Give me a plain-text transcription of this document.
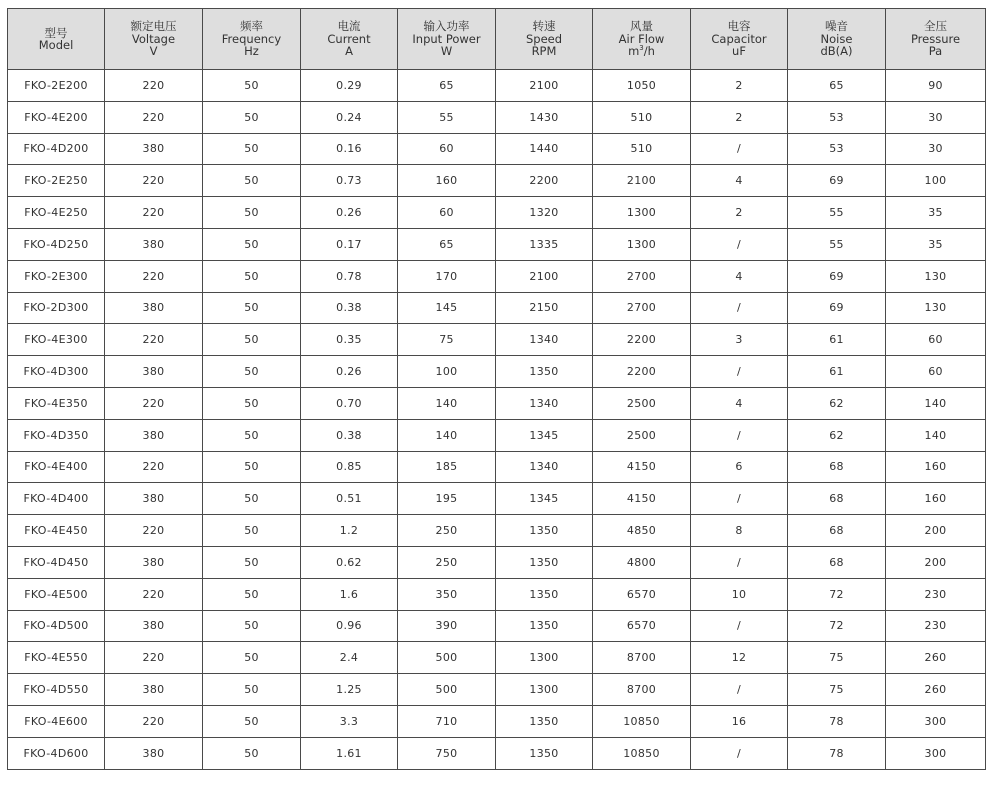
型号
Model	额定电压
Voltage
V	频率
Frequency
Hz	电流
Current
A	输入功率
Input Power
W	转速
Speed
RPM	风量
Air Flow
$m^3/h$	电容
Capacitor
uF	噪音
Noise
dB(A)	全压
Pressure
Pa

FKO-2E200	220	50	0.29	65	2100	1050	2	65	90
FKO-4E200	220	50	0.24	55	1430	510	2	53	30
FKO-4D200	380	50	0.16	60	1440	510	/	53	30
FKO-2E250	220	50	0.73	160	2200	2100	4	69	100
FKO-4E250	220	50	0.26	60	1320	1300	2	55	35
FKO-4D250	380	50	0.17	65	1335	1300	/	55	35
FKO-2E300	220	50	0.78	170	2100	2700	4	69	130
FKO-2D300	380	50	0.38	145	2150	2700	/	69	130
FKO-4E300	220	50	0.35	75	1340	2200	3	61	60
FKO-4D300	380	50	0.26	100	1350	2200	/	61	60
FKO-4E350	220	50	0.70	140	1340	2500	4	62	140
FKO-4D350	380	50	0.38	140	1345	2500	/	62	140
FKO-4E400	220	50	0.85	185	1340	4150	6	68	160
FKO-4D400	380	50	0.51	195	1345	4150	/	68	160
FKO-4E450	220	50	1.2	250	1350	4850	8	68	200
FKO-4D450	380	50	0.62	250	1350	4800	/	68	200
FKO-4E500	220	50	1.6	350	1350	6570	10	72	230
FKO-4D500	380	50	0.96	390	1350	6570	/	72	230
FKO-4E550	220	50	2.4	500	1300	8700	12	75	260
FKO-4D550	380	50	1.25	500	1300	8700	/	75	260
FKO-4E600	220	50	3.3	710	1350	10850	16	78	300
FKO-4D600	380	50	1.61	750	1350	10850	/	78	300
